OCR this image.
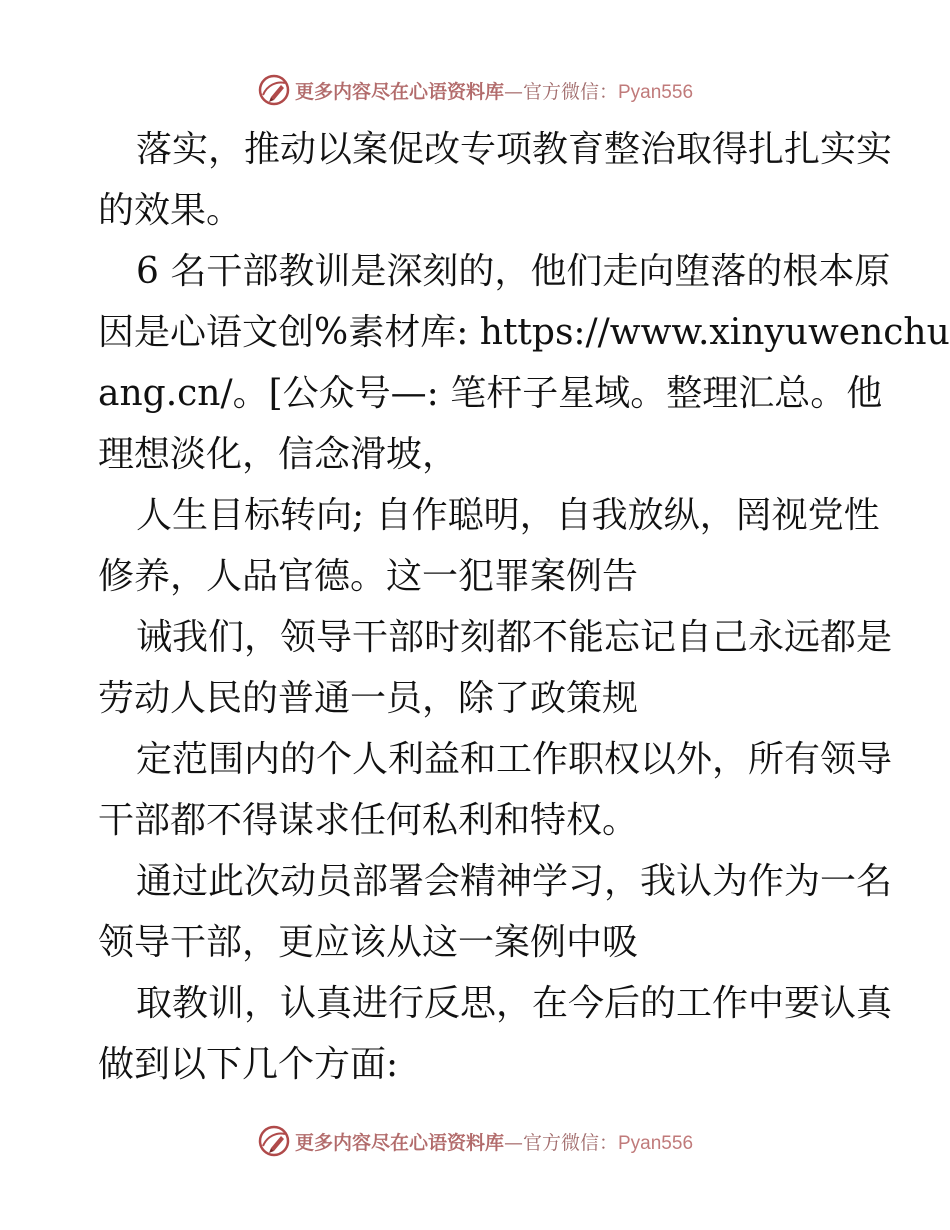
更多内容尽在心语资料库—官方微信：Pyan556

落实，推动以案促改专项教育整治取得扎扎实实

的效果。

6 名干部教训是深刻的，他们走向堕落的根本原

因是心语文创%素材库: https://www.xinyuwenchu

ang.cn/。[公众号—: 笔杆子星域。整理汇总。他

理想淡化，信念滑坡，

人生目标转向; 自作聪明，自我放纵，罔视党性

修养，人品官德。这一犯罪案例告

诫我们，领导干部时刻都不能忘记自己永远都是

劳动人民的普通一员，除了政策规

定范围内的个人利益和工作职权以外，所有领导

干部都不得谋求任何私利和特权。

通过此次动员部署会精神学习，我认为作为一名

领导干部，更应该从这一案例中吸

取教训，认真进行反思，在今后的工作中要认真

做到以下几个方面:

更多内容尽在心语资料库—官方微信：Pyan556
